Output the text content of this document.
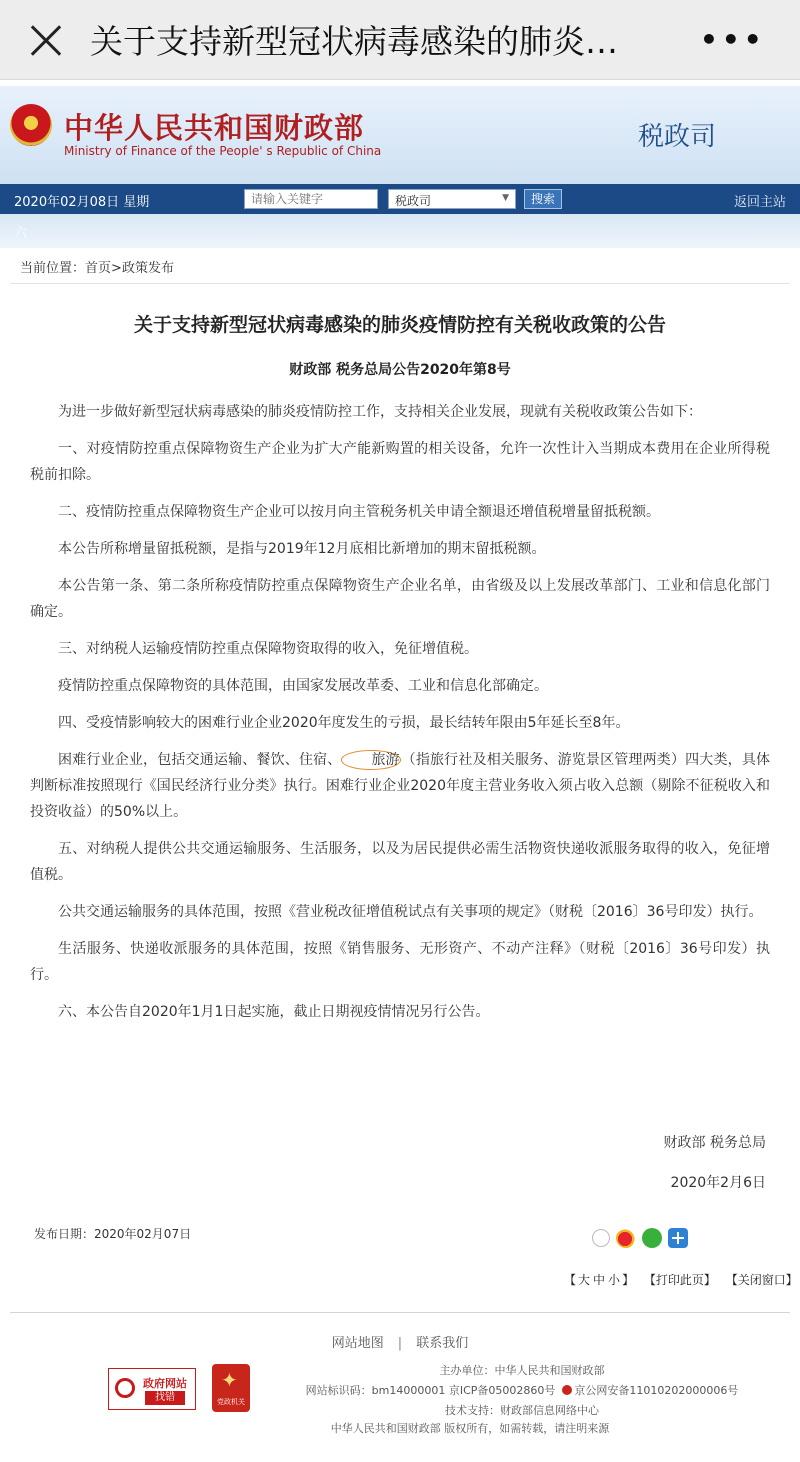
关于支持新型冠状病毒感染的肺炎…	•••
中华人民共和国财政部
Ministry of Finance of the People' s Republic of China	税政司
2020年02月08日 星期
请输入关键字	税政司	▼	搜索	返回主站
六
当前位置：首页>政策发布
关于支持新型冠状病毒感染的肺炎疫情防控有关税收政策的公告
财政部 税务总局公告2020年第8号

为进一步做好新型冠状病毒感染的肺炎疫情防控工作，支持相关企业发展，现就有关税收政策公告如下：

一、对疫情防控重点保障物资生产企业为扩大产能新购置的相关设备，允许一次性计入当期成本费用在企业所得税税前扣除。

二、疫情防控重点保障物资生产企业可以按月向主管税务机关申请全额退还增值税增量留抵税额。

本公告所称增量留抵税额，是指与2019年12月底相比新增加的期末留抵税额。

本公告第一条、第二条所称疫情防控重点保障物资生产企业名单，由省级及以上发展改革部门、工业和信息化部门确定。

三、对纳税人运输疫情防控重点保障物资取得的收入，免征增值税。

疫情防控重点保障物资的具体范围，由国家发展改革委、工业和信息化部确定。

四、受疫情影响较大的困难行业企业2020年度发生的亏损，最长结转年限由5年延长至8年。

困难行业企业，包括交通运输、餐饮、住宿、 旅游 （指旅行社及相关服务、游览景区管理两类）四大类，具体判断标准按照现行《国民经济行业分类》执行。困难行业企业2020年度主营业务收入须占收入总额（剔除不征税收入和投资收益）的50%以上。

五、对纳税人提供公共交通运输服务、生活服务，以及为居民提供必需生活物资快递收派服务取得的收入，免征增值税。

公共交通运输服务的具体范围，按照《营业税改征增值税试点有关事项的规定》（财税〔2016〕36号印发）执行。

生活服务、快递收派服务的具体范围，按照《销售服务、无形资产、不动产注释》（财税〔2016〕36号印发）执行。

六、本公告自2020年1月1日起实施，截止日期视疫情情况另行公告。

财政部 税务总局
2020年2月6日
发布日期：2020年02月07日
【 大 中 小 】 【打印此页】 【关闭窗口】
网站地图 | 联系我们
政府网站
找错
✦
党政机关
主办单位：中华人民共和国财政部
网站标识码：bm14000001 京ICP备05002860号 京公网安备11010202000006号
技术支持：财政部信息网络中心
中华人民共和国财政部 版权所有，如需转载，请注明来源
